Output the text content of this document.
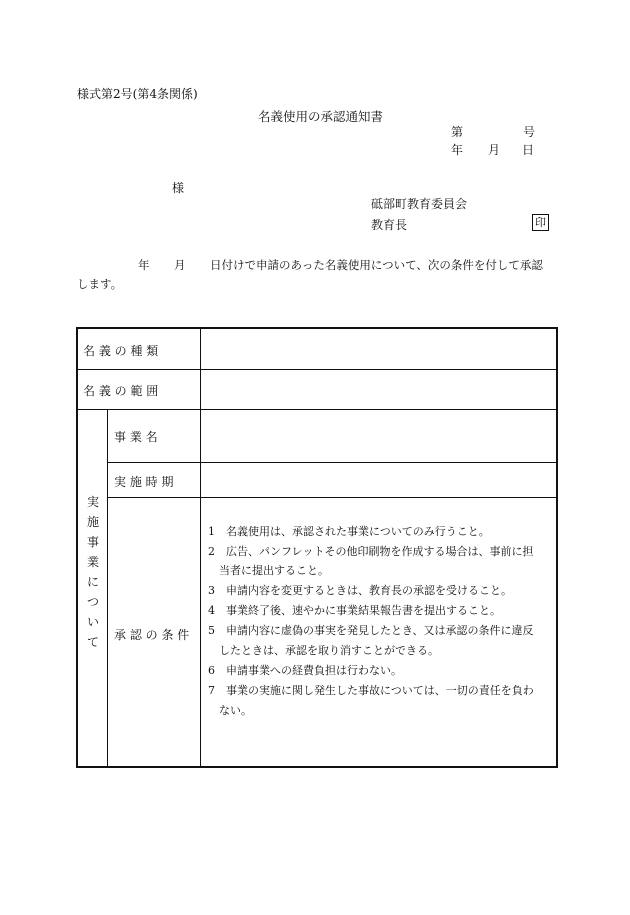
様式第2号(第4条関係)
名義使用の承認通知書
第	号
年 月 日
様
砥部町教育委員会
教育長	印
年 月 日付けで申請のあった名義使用について、次の条件を付して承認
します。
名 義 の 種 類
名 義 の 範 囲
実
施
事
業
に
つ
い
て
事 業 名
実 施 時 期
承 認 の 条 件
1　名義使用は、承認された事業についてのみ行うこと。
2　広告、パンフレットその他印刷物を作成する場合は、事前に担
　当者に提出すること。
3　申請内容を変更するときは、教育長の承認を受けること。
4　事業終了後、速やかに事業結果報告書を提出すること。
5　申請内容に虚偽の事実を発見したとき、又は承認の条件に違反
　したときは、承認を取り消すことができる。
6　申請事業への経費負担は行わない。
7　事業の実施に関し発生した事故については、一切の責任を負わ
　ない。
